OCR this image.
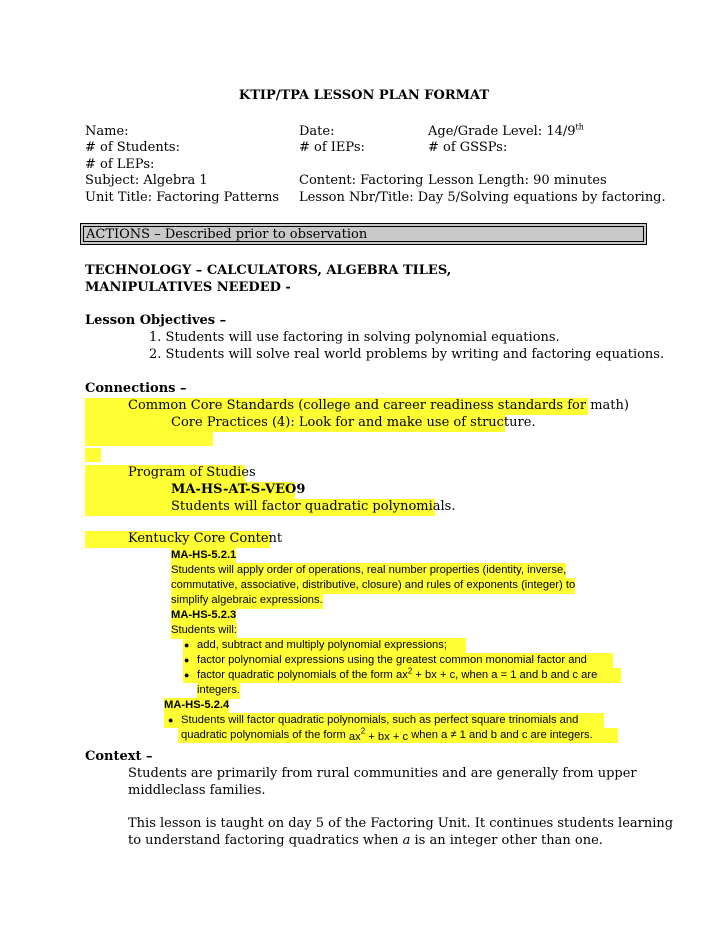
KTIP/TPA LESSON PLAN FORMAT
Name:	Date:	Age/Grade Level: 14/9th
# of Students:	# of IEPs:	# of GSSPs:
# of LEPs:
Subject: Algebra 1	Content: Factoring Lesson Length: 90 minutes
Unit Title: Factoring Patterns Lesson Nbr/Title: Day 5/Solving equations by factoring.
ACTIONS – Described prior to observation
TECHNOLOGY – CALCULATORS, ALGEBRA TILES,
MANIPULATIVES NEEDED -
Lesson Objectives –
1. Students will use factoring in solving polynomial equations.
2. Students will solve real world problems by writing and factoring equations.
Connections –
Common Core Standards (college and career readiness standards for math)
Core Practices (4): Look for and make use of structure.
Program of Studies
MA-HS-AT-S-VEO9
Students will factor quadratic polynomials.
Kentucky Core Content
MA-HS-5.2.1
Students will apply order of operations, real number properties (identity, inverse,
commutative, associative, distributive, closure) and rules of exponents (integer) to
simplify algebraic expressions.
MA-HS-5.2.3
Students will:
● add, subtract and multiply polynomial expressions;
● factor polynomial expressions using the greatest common monomial factor and
● factor quadratic polynomials of the form $ax^2$ + bx + c, when a = 1 and b and c are
integers.
MA-HS-5.2.4
● Students will factor quadratic polynomials, such as perfect square trinomials and
quadratic polynomials of the form $ax^2$ + bx + c when a ≠ 1 and b and c are integers.
Context –
Students are primarily from rural communities and are generally from upper
middleclass families.
This lesson is taught on day 5 of the Factoring Unit. It continues students learning
to understand factoring quadratics when a is an integer other than one.
